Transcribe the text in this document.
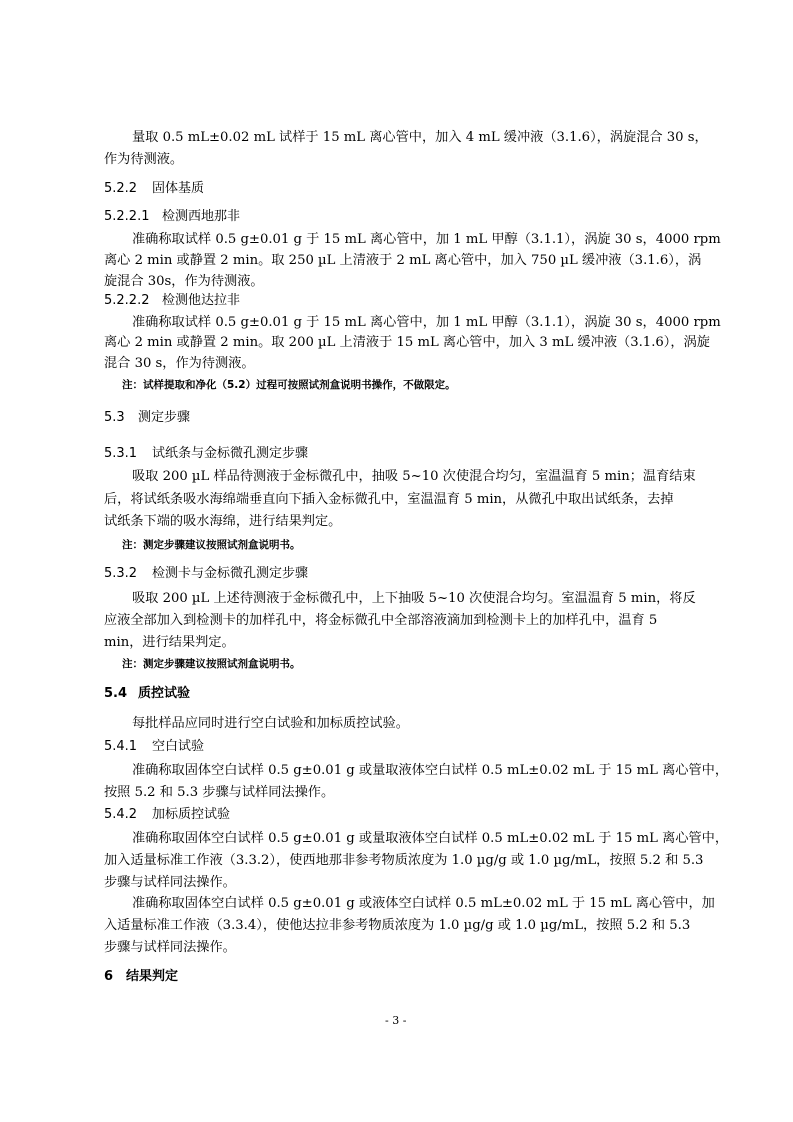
量取 0.5 mL±0.02 mL 试样于 15 mL 离心管中，加入 4 mL 缓冲液（3.1.6），涡旋混合 30 s，
作为待测液。
5.2.2 固体基质
5.2.2.1 检测西地那非
准确称取试样 0.5 g±0.01 g 于 15 mL 离心管中，加 1 mL 甲醇（3.1.1），涡旋 30 s，4000 rpm
离心 2 min 或静置 2 min。取 250 µL 上清液于 2 mL 离心管中，加入 750 µL 缓冲液（3.1.6），涡
旋混合 30s，作为待测液。
5.2.2.2 检测他达拉非
准确称取试样 0.5 g±0.01 g 于 15 mL 离心管中，加 1 mL 甲醇（3.1.1），涡旋 30 s，4000 rpm
离心 2 min 或静置 2 min。取 200 µL 上清液于 15 mL 离心管中，加入 3 mL 缓冲液（3.1.6），涡旋
混合 30 s，作为待测液。
注：试样提取和净化（5.2）过程可按照试剂盒说明书操作，不做限定。
5.3 测定步骤
5.3.1 试纸条与金标微孔测定步骤
吸取 200 µL 样品待测液于金标微孔中，抽吸 5~10 次使混合均匀，室温温育 5 min；温育结束
后，将试纸条吸水海绵端垂直向下插入金标微孔中，室温温育 5 min，从微孔中取出试纸条，去掉
试纸条下端的吸水海绵，进行结果判定。
注：测定步骤建议按照试剂盒说明书。
5.3.2 检测卡与金标微孔测定步骤
吸取 200 µL 上述待测液于金标微孔中，上下抽吸 5~10 次使混合均匀。室温温育 5 min，将反
应液全部加入到检测卡的加样孔中，将金标微孔中全部溶液滴加到检测卡上的加样孔中，温育 5
min，进行结果判定。
注：测定步骤建议按照试剂盒说明书。
5.4 质控试验
每批样品应同时进行空白试验和加标质控试验。
5.4.1 空白试验
准确称取固体空白试样 0.5 g±0.01 g 或量取液体空白试样 0.5 mL±0.02 mL 于 15 mL 离心管中，
按照 5.2 和 5.3 步骤与试样同法操作。
5.4.2 加标质控试验
准确称取固体空白试样 0.5 g±0.01 g 或量取液体空白试样 0.5 mL±0.02 mL 于 15 mL 离心管中，
加入适量标准工作液（3.3.2），使西地那非参考物质浓度为 1.0 µg/g 或 1.0 µg/mL，按照 5.2 和 5.3
步骤与试样同法操作。
准确称取固体空白试样 0.5 g±0.01 g 或液体空白试样 0.5 mL±0.02 mL 于 15 mL 离心管中，加
入适量标准工作液（3.3.4），使他达拉非参考物质浓度为 1.0 µg/g 或 1.0 µg/mL，按照 5.2 和 5.3
步骤与试样同法操作。
6 结果判定
- 3 -
